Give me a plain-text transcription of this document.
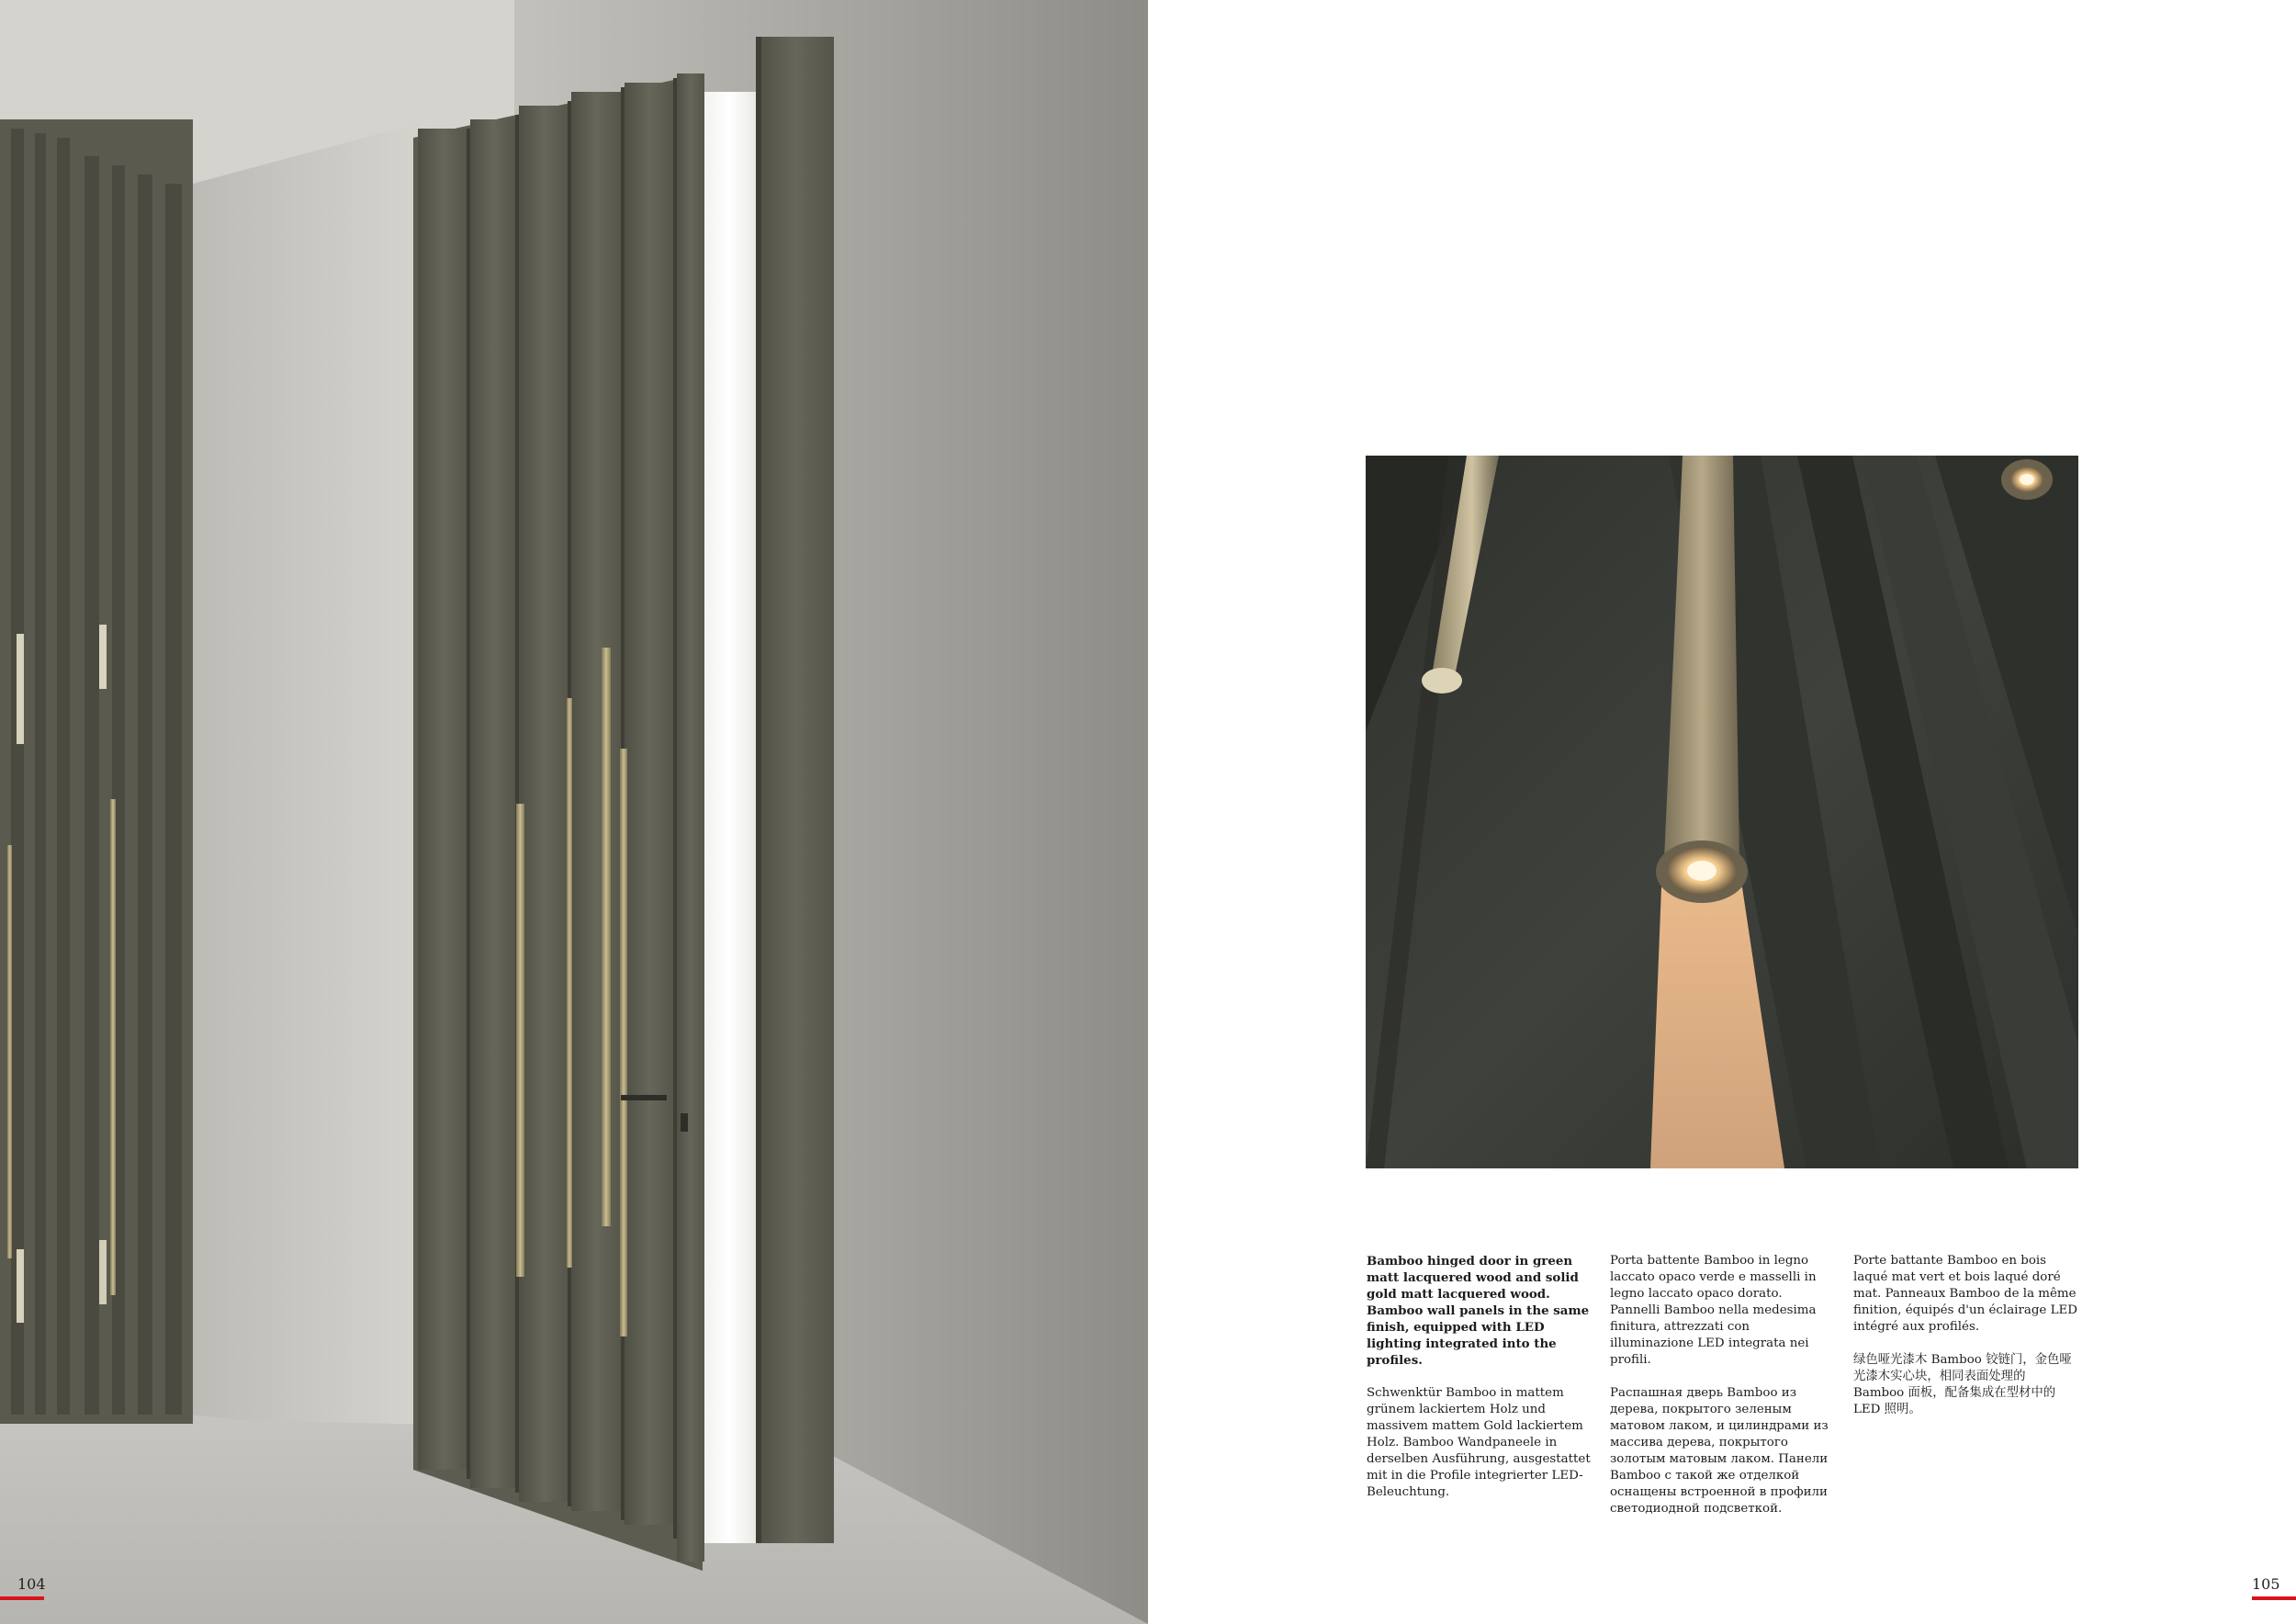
104

Bamboo hinged door in green matt lacquered wood and solid gold matt lacquered wood. Bamboo wall panels in the same finish, equipped with LED lighting integrated into the profiles.

Schwenktür Bamboo in mattem grünem lackiertem Holz und massivem mattem Gold lackiertem Holz. Bamboo Wandpaneele in derselben Ausführung, ausgestattet mit in die Profile integrierter LED-Beleuchtung.

Porta battente Bamboo in legno laccato opaco verde e masselli in legno laccato opaco dorato. Pannelli Bamboo nella medesima finitura, attrezzati con illuminazione LED integrata nei profili.

Распашная дверь Bamboo из дерева, покрытого зеленым матовом лаком, и цилиндрами из массива дерева, покрытого золотым матовым лаком. Панели Bamboo с такой же отделкой оснащены встроенной в профили светодиодной подсветкой.

Porte battante Bamboo en bois laqué mat vert et bois laqué doré mat. Panneaux Bamboo de la même finition, équipés d'un éclairage LED intégré aux profilés.

绿色哑光漆木 Bamboo 铰链门，金色哑光漆木实心块，相同表面处理的 Bamboo 面板，配备集成在型材中的 LED 照明。

105
